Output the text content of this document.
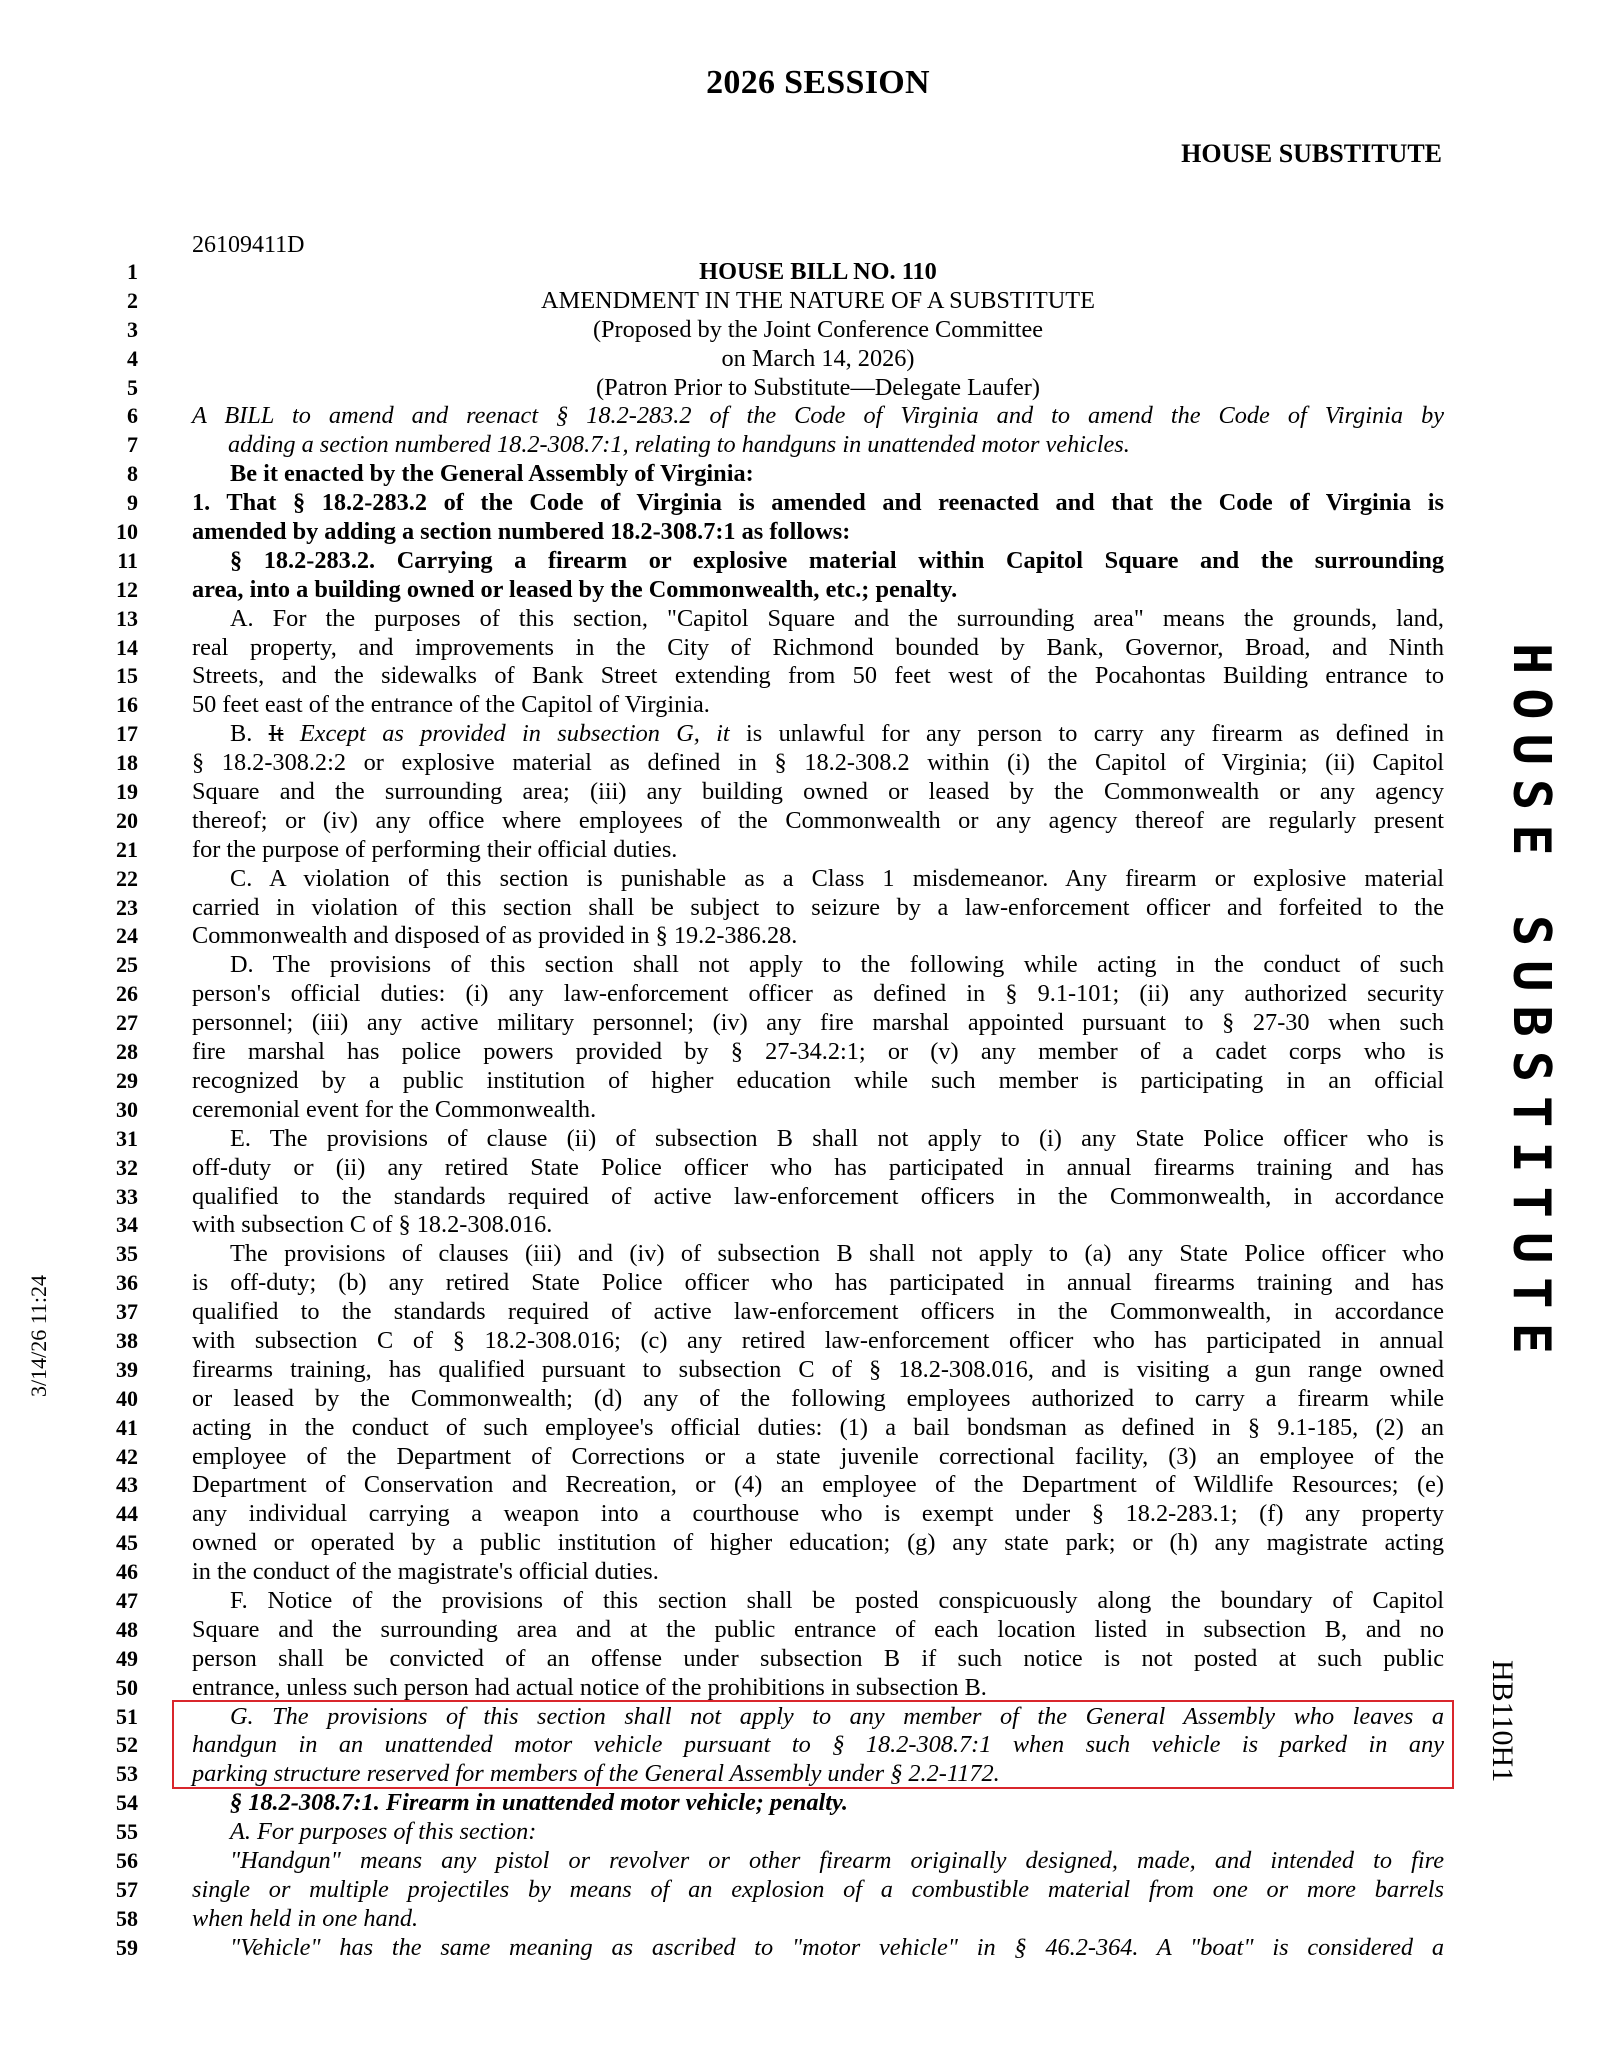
2026 SESSION
HOUSE SUBSTITUTE
26109411D
HOUSE SUBSTITUTE
HB110H1
3/14/26 11:24
1	HOUSE BILL NO. 110
2	AMENDMENT IN THE NATURE OF A SUBSTITUTE
3	(Proposed by the Joint Conference Committee
4	on March 14, 2026)
5	(Patron Prior to Substitute—Delegate Laufer)
6 A BILL to amend and reenact § 18.2-283.2 of the Code of Virginia and to amend the Code of Virginia by
7	adding a section numbered 18.2-308.7:1, relating to handguns in unattended motor vehicles.
8	Be it enacted by the General Assembly of Virginia:
9 1. That § 18.2-283.2 of the Code of Virginia is amended and reenacted and that the Code of Virginia is
10 amended by adding a section numbered 18.2-308.7:1 as follows:
11	§ 18.2-283.2. Carrying a firearm or explosive material within Capitol Square and the surrounding
12 area, into a building owned or leased by the Commonwealth, etc.; penalty.
13	A. For the purposes of this section, "Capitol Square and the surrounding area" means the grounds, land,
14 real property, and improvements in the City of Richmond bounded by Bank, Governor, Broad, and Ninth
15 Streets, and the sidewalks of Bank Street extending from 50 feet west of the Pocahontas Building entrance to
16 50 feet east of the entrance of the Capitol of Virginia.
17	B. It Except as provided in subsection G, it is unlawful for any person to carry any firearm as defined in
18 § 18.2-308.2:2 or explosive material as defined in § 18.2-308.2 within (i) the Capitol of Virginia; (ii) Capitol
19 Square and the surrounding area; (iii) any building owned or leased by the Commonwealth or any agency
20 thereof; or (iv) any office where employees of the Commonwealth or any agency thereof are regularly present
21 for the purpose of performing their official duties.
22	C. A violation of this section is punishable as a Class 1 misdemeanor. Any firearm or explosive material
23 carried in violation of this section shall be subject to seizure by a law-enforcement officer and forfeited to the
24 Commonwealth and disposed of as provided in § 19.2-386.28.
25	D. The provisions of this section shall not apply to the following while acting in the conduct of such
26 person's official duties: (i) any law-enforcement officer as defined in § 9.1-101; (ii) any authorized security
27 personnel; (iii) any active military personnel; (iv) any fire marshal appointed pursuant to § 27-30 when such
28 fire marshal has police powers provided by § 27-34.2:1; or (v) any member of a cadet corps who is
29 recognized by a public institution of higher education while such member is participating in an official
30 ceremonial event for the Commonwealth.
31	E. The provisions of clause (ii) of subsection B shall not apply to (i) any State Police officer who is
32 off-duty or (ii) any retired State Police officer who has participated in annual firearms training and has
33 qualified to the standards required of active law-enforcement officers in the Commonwealth, in accordance
34 with subsection C of § 18.2-308.016.
35	The provisions of clauses (iii) and (iv) of subsection B shall not apply to (a) any State Police officer who
36 is off-duty; (b) any retired State Police officer who has participated in annual firearms training and has
37 qualified to the standards required of active law-enforcement officers in the Commonwealth, in accordance
38 with subsection C of § 18.2-308.016; (c) any retired law-enforcement officer who has participated in annual
39 firearms training, has qualified pursuant to subsection C of § 18.2-308.016, and is visiting a gun range owned
40 or leased by the Commonwealth; (d) any of the following employees authorized to carry a firearm while
41 acting in the conduct of such employee's official duties: (1) a bail bondsman as defined in § 9.1-185, (2) an
42 employee of the Department of Corrections or a state juvenile correctional facility, (3) an employee of the
43 Department of Conservation and Recreation, or (4) an employee of the Department of Wildlife Resources; (e)
44 any individual carrying a weapon into a courthouse who is exempt under § 18.2-283.1; (f) any property
45 owned or operated by a public institution of higher education; (g) any state park; or (h) any magistrate acting
46 in the conduct of the magistrate's official duties.
47	F. Notice of the provisions of this section shall be posted conspicuously along the boundary of Capitol
48 Square and the surrounding area and at the public entrance of each location listed in subsection B, and no
49 person shall be convicted of an offense under subsection B if such notice is not posted at such public
50 entrance, unless such person had actual notice of the prohibitions in subsection B.
51	G. The provisions of this section shall not apply to any member of the General Assembly who leaves a
52 handgun in an unattended motor vehicle pursuant to § 18.2-308.7:1 when such vehicle is parked in any
53 parking structure reserved for members of the General Assembly under § 2.2-1172.
54	§ 18.2-308.7:1. Firearm in unattended motor vehicle; penalty.
55	A. For purposes of this section:
56	"Handgun" means any pistol or revolver or other firearm originally designed, made, and intended to fire
57 single or multiple projectiles by means of an explosion of a combustible material from one or more barrels
58 when held in one hand.
59	"Vehicle" has the same meaning as ascribed to "motor vehicle" in § 46.2-364. A "boat" is considered a
